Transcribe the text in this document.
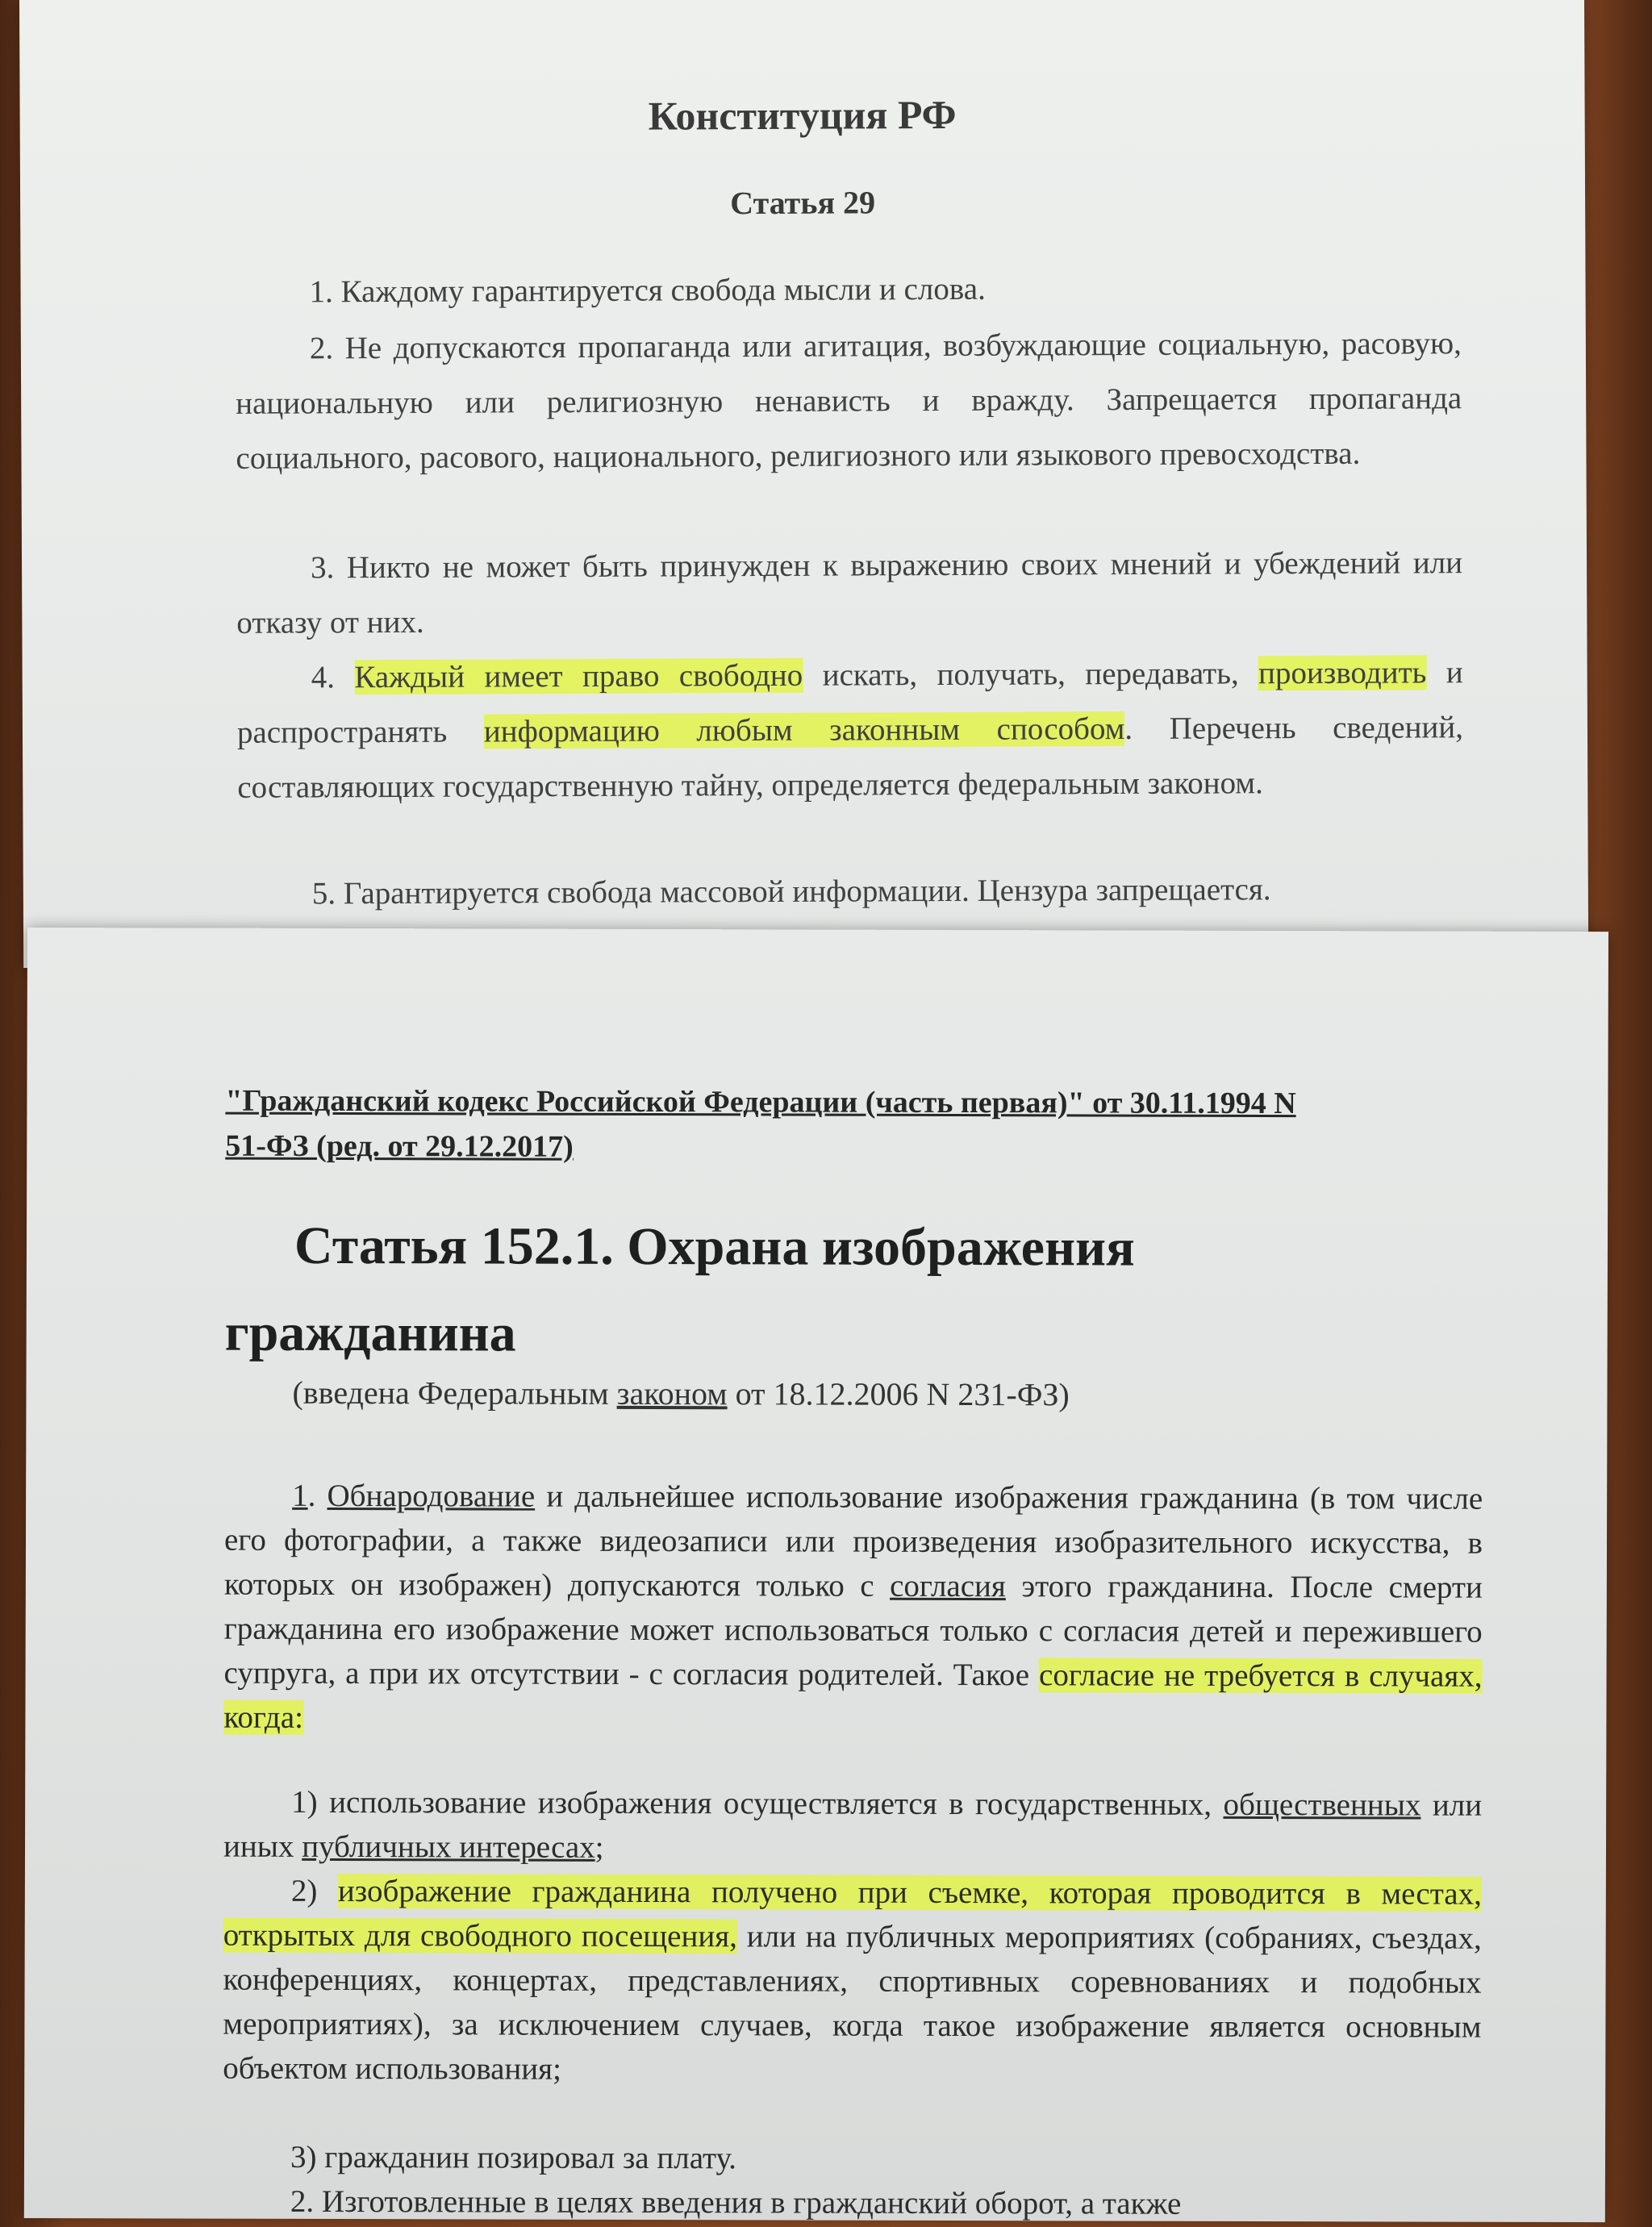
Конституция РФ
Статья 29

1. Каждому гарантируется свобода мысли и слова.

2. Не допускаются пропаганда или агитация, возбуждающие социальную, расовую, национальную или религиозную ненависть и вражду. Запрещается пропаганда социального, расового, национального, религиозного или языкового превосходства.

3. Никто не может быть принужден к выражению своих мнений и убеждений или отказу от них.

4. Каждый имеет право свободно искать, получать, передавать, производить и распространять информацию любым законным способом. Перечень сведений, составляющих государственную тайну, определяется федеральным законом.

5. Гарантируется свобода массовой информации. Цензура запрещается.

"Гражданский кодекс Российской Федерации (часть первая)" от 30.11.1994 N 51-ФЗ (ред. от 29.12.2017)

Статья 152.1. Охрана изображения гражданина

(введена Федеральным законом от 18.12.2006 N 231-ФЗ)

1. Обнародование и дальнейшее использование изображения гражданина (в том числе его фотографии, а также видеозаписи или произведения изобразительного искусства, в которых он изображен) допускаются только с согласия этого гражданина. После смерти гражданина его изображение может использоваться только с согласия детей и пережившего супруга, а при их отсутствии - с согласия родителей. Такое согласие не требуется в случаях, когда:

1) использование изображения осуществляется в государственных, общественных или иных публичных интересах;

2) изображение гражданина получено при съемке, которая проводится в местах, открытых для свободного посещения, или на публичных мероприятиях (собраниях, съездах, конференциях, концертах, представлениях, спортивных соревнованиях и подобных мероприятиях), за исключением случаев, когда такое изображение является основным объектом использования;

3) гражданин позировал за плату.

2. Изготовленные в целях введения в гражданский оборот, а также
